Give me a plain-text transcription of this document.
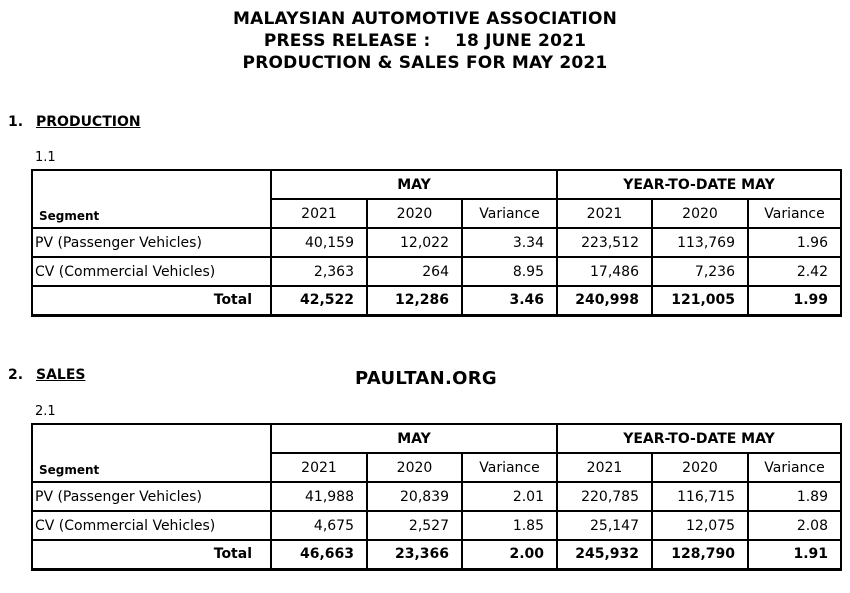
MALAYSIAN AUTOMOTIVE ASSOCIATION
PRESS RELEASE :    18 JUNE 2021
PRODUCTION & SALES FOR MAY 2021
1. PRODUCTION
1.1
Segment	MAY			YEAR-TO-DATE MAY		
	2021	2020	Variance	2021	2020	Variance
PV (Passenger Vehicles)	40,159	12,022	3.34	223,512	113,769	1.96
CV (Commercial Vehicles)	2,363	264	8.95	17,486	7,236	2.42
Total	42,522	12,286	3.46	240,998	121,005	1.99
2. SALES	PAULTAN.ORG
2.1
Segment	MAY			YEAR-TO-DATE MAY		
	2021	2020	Variance	2021	2020	Variance
PV (Passenger Vehicles)	41,988	20,839	2.01	220,785	116,715	1.89
CV (Commercial Vehicles)	4,675	2,527	1.85	25,147	12,075	2.08
Total	46,663	23,366	2.00	245,932	128,790	1.91
